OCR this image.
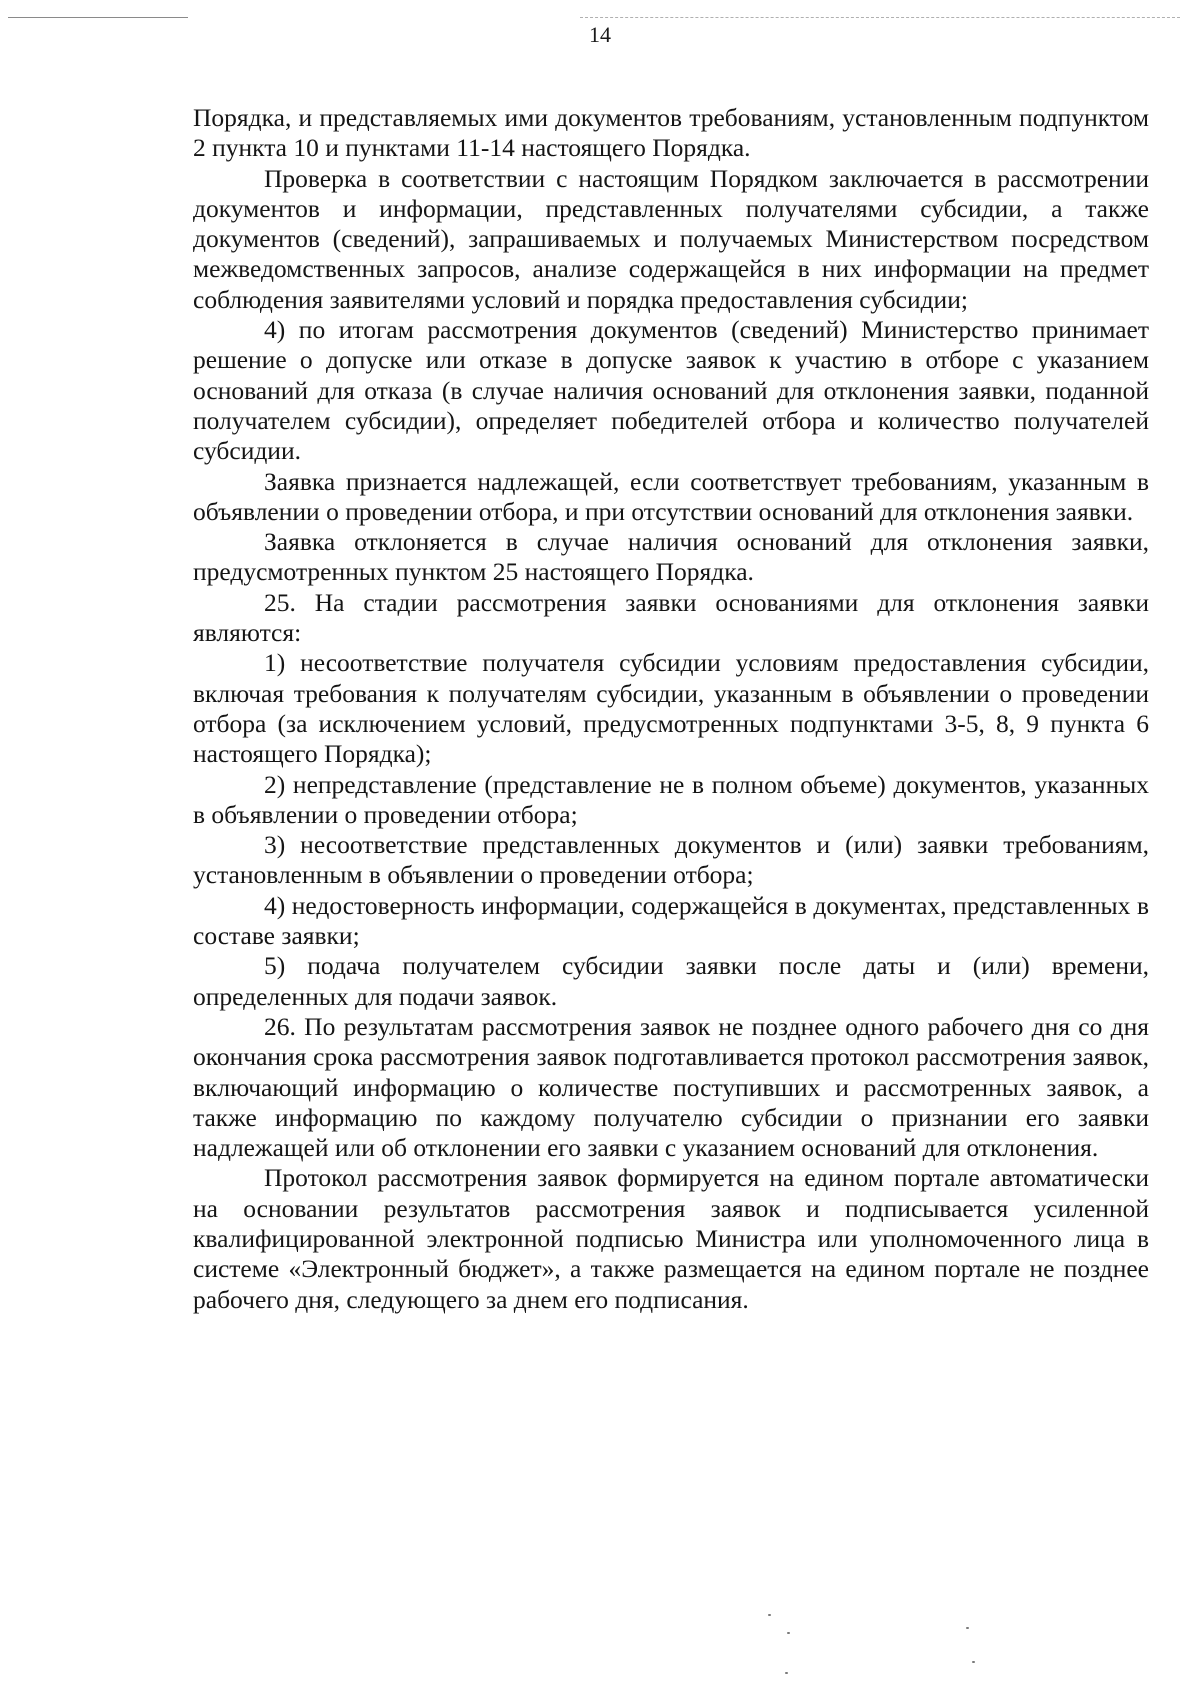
14

Порядка, и представляемых ими документов требованиям, установленным подпунктом 2 пункта 10 и пунктами 11-14 настоящего Порядка.

Проверка в соответствии с настоящим Порядком заключается в рассмотрении документов и информации, представленных получателями субсидии, а также документов (сведений), запрашиваемых и получаемых Министерством посредством межведомственных запросов, анализе содержащейся в них информации на предмет соблюдения заявителями условий и порядка предоставления субсидии;

4) по итогам рассмотрения документов (сведений) Министерство принимает решение о допуске или отказе в допуске заявок к участию в отборе с указанием оснований для отказа (в случае наличия оснований для отклонения заявки, поданной получателем субсидии), определяет победителей отбора и количество получателей субсидии.

Заявка признается надлежащей, если соответствует требованиям, указанным в объявлении о проведении отбора, и при отсутствии оснований для отклонения заявки.

Заявка отклоняется в случае наличия оснований для отклонения заявки, предусмотренных пунктом 25 настоящего Порядка.

25. На стадии рассмотрения заявки основаниями для отклонения заявки являются:

1) несоответствие получателя субсидии условиям предоставления субсидии, включая требования к получателям субсидии, указанным в объявлении о проведении отбора (за исключением условий, предусмотренных подпунктами 3-5, 8, 9 пункта 6 настоящего Порядка);

2) непредставление (представление не в полном объеме) документов, указанных в объявлении о проведении отбора;

3) несоответствие представленных документов и (или) заявки требованиям, установленным в объявлении о проведении отбора;

4) недостоверность информации, содержащейся в документах, представленных в составе заявки;

5) подача получателем субсидии заявки после даты и (или) времени, определенных для подачи заявок.

26. По результатам рассмотрения заявок не позднее одного рабочего дня со дня окончания срока рассмотрения заявок подготавливается протокол рассмотрения заявок, включающий информацию о количестве поступивших и рассмотренных заявок, а также информацию по каждому получателю субсидии о признании его заявки надлежащей или об отклонении его заявки с указанием оснований для отклонения.

Протокол рассмотрения заявок формируется на едином портале автоматически на основании результатов рассмотрения заявок и подписывается усиленной квалифицированной электронной подписью Министра или уполномоченного лица в системе «Электронный бюджет», а также размещается на едином портале не позднее рабочего дня, следующего за днем его подписания.
